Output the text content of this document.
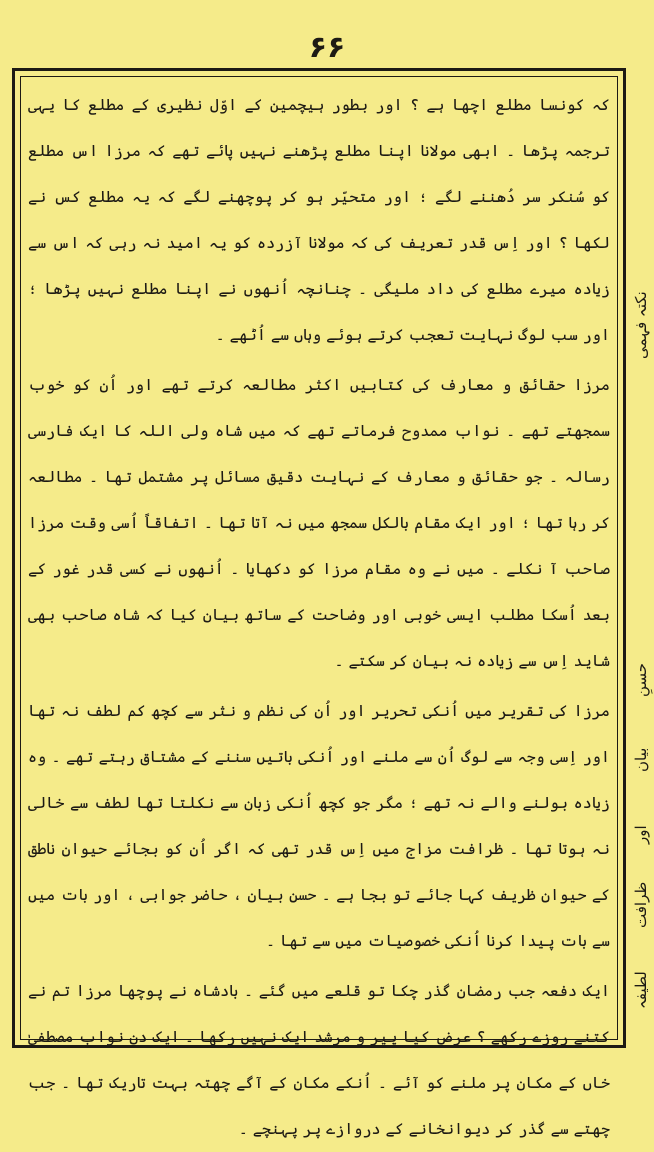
۶۶

کہ کونسا مطلع اچھا ہے ؟ اور بطور ہیچمین کے اوّل نظیری کے مطلع کا یہی ترجمہ پڑھا ۔ ابھی مولانا اپنا مطلع پڑھنے نہیں پائے تھے کہ مرزا اس مطلع کو سُنکر سر دُھننے لگے ؛ اور متحیّر ہو کر پوچھنے لگے کہ یہ مطلع کس نے لکھا ؟ اور اِس قدر تعریف کی کہ مولانا آزردہ کو یہ امید نہ رہی کہ اس سے زیادہ میرے مطلع کی داد ملیگی ۔ چنانچہ اُنھوں نے اپنا مطلع نہیں پڑھا ؛ اور سب لوگ نہایت تعجب کرتے ہوئے وہاں سے اُٹھے ۔

مرزا حقائق و معارف کی کتابیں اکثر مطالعہ کرتے تھے اور اُن کو خوب سمجھتے تھے ۔ نواب ممدوح فرماتے تھے کہ میں شاہ ولی اللہ کا ایک فارسی رسالہ ۔ جو حقائق و معارف کے نہایت دقیق مسائل پر مشتمل تھا ۔ مطالعہ کر رہا تھا ؛ اور ایک مقام بالکل سمجھ میں نہ آتا تھا ۔ اتفاقاً اُسی وقت مرزا صاحب آ نکلے ۔ میں نے وہ مقام مرزا کو دکھایا ۔ اُنھوں نے کسی قدر غور کے بعد اُسکا مطلب ایسی خوبی اور وضاحت کے ساتھ بیان کیا کہ شاہ صاحب بھی شاید اِس سے زیادہ نہ بیان کر سکتے ۔

مرزا کی تقریر میں اُنکی تحریر اور اُن کی نظم و نثر سے کچھ کم لطف نہ تھا اور اِسی وجہ سے لوگ اُن سے ملنے اور اُنکی باتیں سننے کے مشتاق رہتے تھے ۔ وہ زیادہ بولنے والے نہ تھے ؛ مگر جو کچھ اُنکی زبان سے نکلتا تھا لطف سے خالی نہ ہوتا تھا ۔ ظرافت مزاج میں اِس قدر تھی کہ اگر اُن کو بجائے حیوانِ ناطق کے حیوانِ ظریف کہا جائے تو بجا ہے ۔ حسنِ بیان ، حاضر جوابی ، اور بات میں سے بات پیدا کرنا اُنکی خصوصیات میں سے تھا ۔

ایک دفعہ جب رمضان گذر چکا تو قلعے میں گئے ۔ بادشاہ نے پوچھا مرزا تم نے کتنے روزے رکھے ؟ عرض کیا پیر و مرشد ایک نہیں رکھا ۔ ایک دن نواب مصطفیٰ خاں کے مکان پر ملنے کو آئے ۔ اُنکے مکان کے آگے چھتہ بہت تاریک تھا ۔ جب چھتے سے گذر کر دیوانخانے کے دروازے پر پہنچے ۔

نکتہ فہمی
حسنِ
بیان
اور
ظرافت
لطیفہ
